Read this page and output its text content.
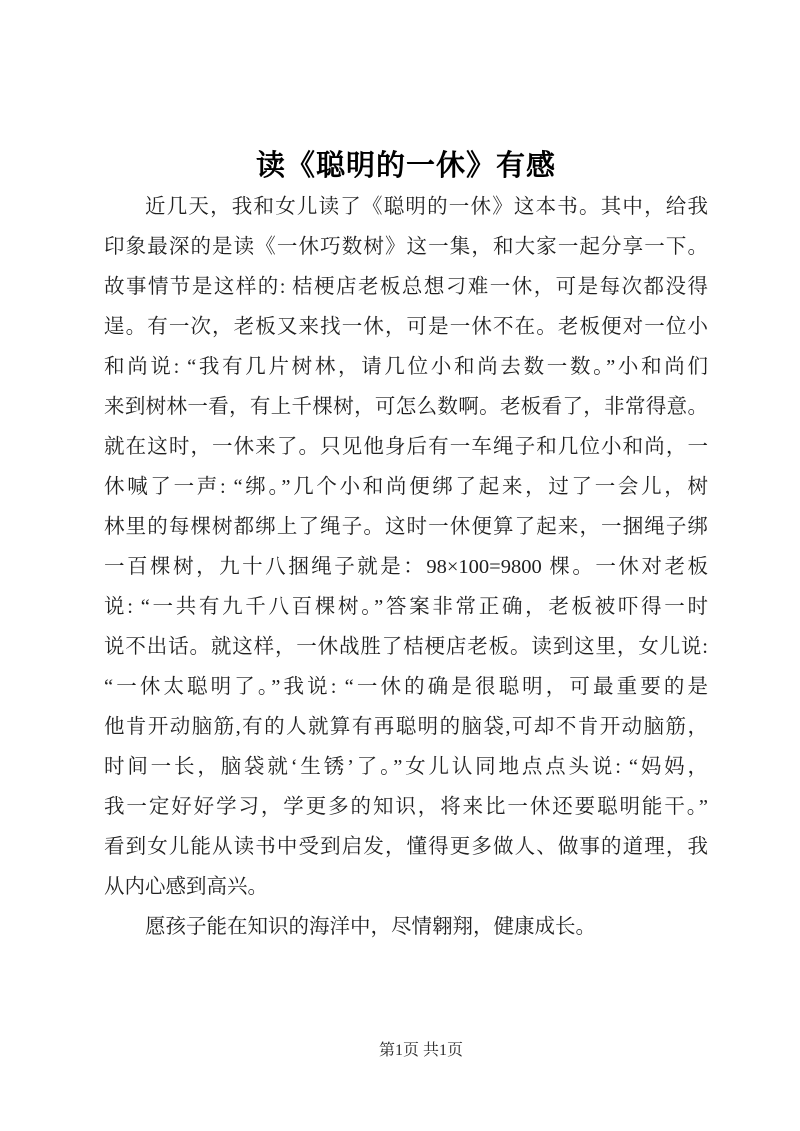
读《聪明的一休》有感
近几天，我和女儿读了《聪明的一休》这本书。其中，给我
印象最深的是读《一休巧数树》这一集，和大家一起分享一下。
故事情节是这样的: 桔梗店老板总想刁难一休，可是每次都没得
逞。有一次，老板又来找一休，可是一休不在。老板便对一位小
和尚说: “我有几片树林，请几位小和尚去数一数。”小和尚们
来到树林一看，有上千棵树，可怎么数啊。老板看了，非常得意。
就在这时，一休来了。只见他身后有一车绳子和几位小和尚，一
休喊了一声: “绑。”几个小和尚便绑了起来，过了一会儿，树
林里的每棵树都绑上了绳子。这时一休便算了起来，一捆绳子绑
一百棵树，九十八捆绳子就是：98×100=9800 棵。一休对老板
说: “一共有九千八百棵树。”答案非常正确，老板被吓得一时
说不出话。就这样，一休战胜了桔梗店老板。读到这里，女儿说:
“一休太聪明了。”我说: “一休的确是很聪明，可最重要的是
他肯开动脑筋,有的人就算有再聪明的脑袋,可却不肯开动脑筋，
时间一长，脑袋就‘生锈’了。”女儿认同地点点头说: “妈妈，
我一定好好学习，学更多的知识，将来比一休还要聪明能干。”
看到女儿能从读书中受到启发，懂得更多做人、做事的道理，我
从内心感到高兴。
愿孩子能在知识的海洋中，尽情翱翔，健康成长。
第1页 共1页
